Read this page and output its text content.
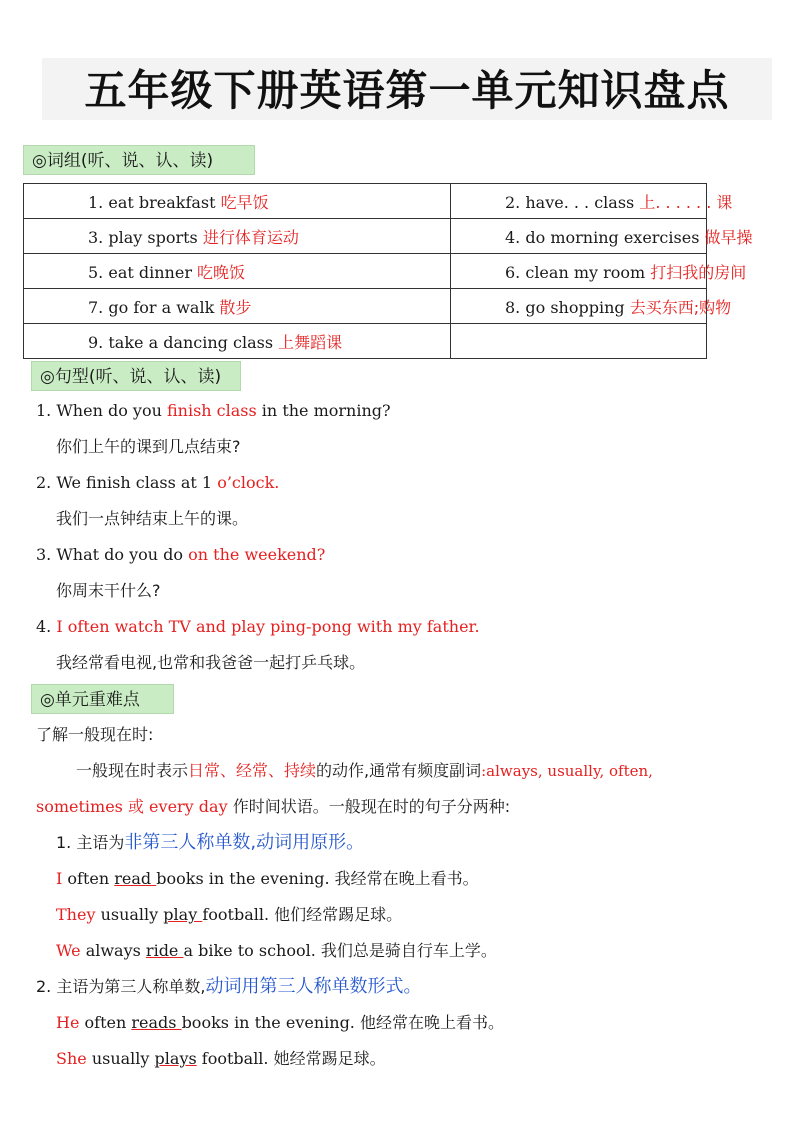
五年级下册英语第一单元知识盘点
◎词组(听、说、认、读)
1. eat breakfast 吃早饭	2. have. . . class 上. . . . . . 课
3. play sports 进行体育运动	4. do morning exercises 做早操
5. eat dinner 吃晚饭	6. clean my room 打扫我的房间
7. go for a walk 散步	8. go shopping 去买东西;购物
9. take a dancing class 上舞蹈课	
◎句型(听、说、认、读)
1. When do you finish class in the morning?
你们上午的课到几点结束?
2. We finish class at 1 o’clock.
我们一点钟结束上午的课。
3. What do you do on the weekend?
你周末干什么?
4. I often watch TV and play ping-pong with my father.
我经常看电视,也常和我爸爸一起打乒乓球。
◎单元重难点
了解一般现在时:
一般现在时表示日常、经常、持续的动作,通常有频度副词:always, usually, often,
sometimes 或 every day 作时间状语。一般现在时的句子分两种:
1. 主语为非第三人称单数,动词用原形。
I often read books in the evening. 我经常在晚上看书。
They usually play football. 他们经常踢足球。
We always ride a bike to school. 我们总是骑自行车上学。
2. 主语为第三人称单数,动词用第三人称单数形式。
He often reads books in the evening. 他经常在晚上看书。
She usually plays football. 她经常踢足球。
